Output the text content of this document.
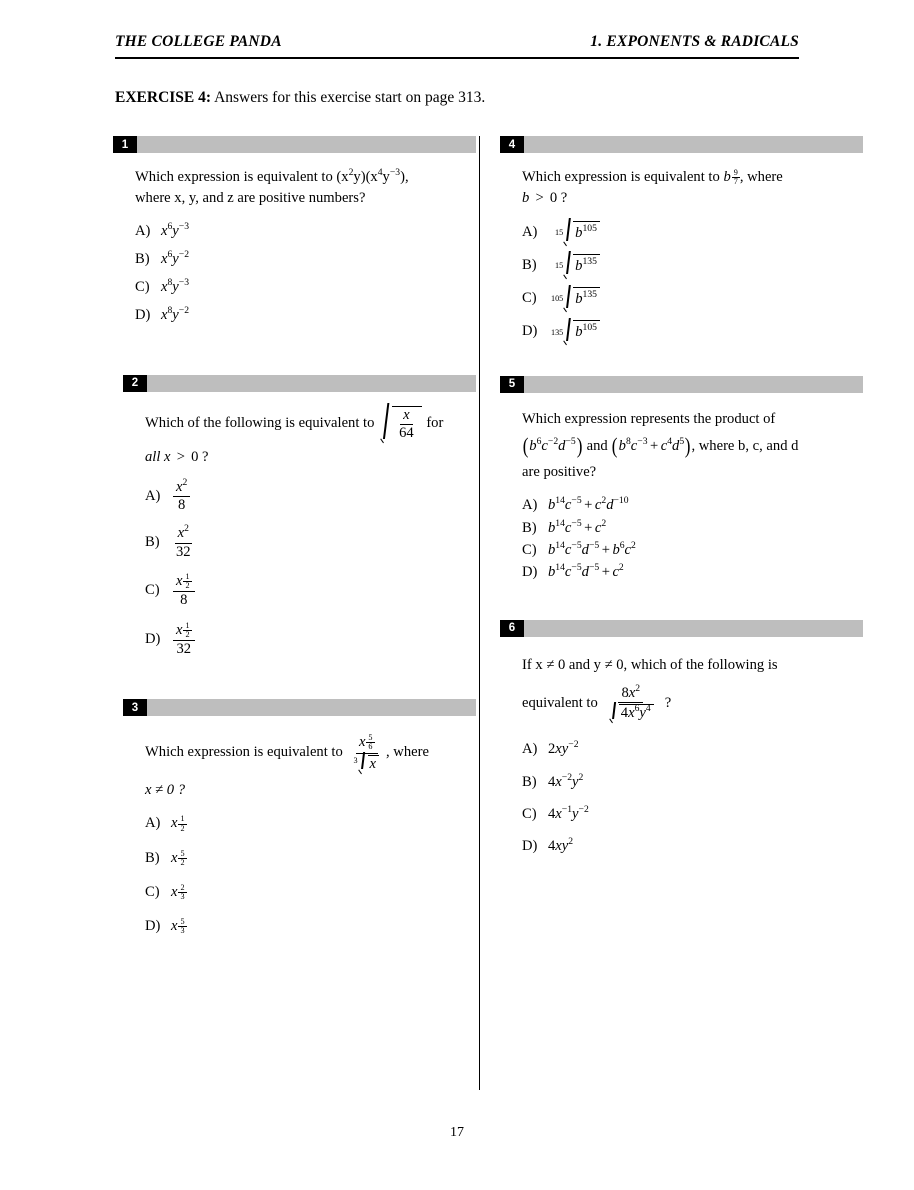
THE COLLEGE PANDA	1. EXPONENTS & RADICALS
EXERCISE 4: Answers for this exercise start on page 313.
1
Which expression is equivalent to $(x^2y)(x^4y^{-3})$,
where x, y, and z are positive numbers?
A) $x^6y^{-3}$
B) $x^6y^{-2}$
C) $x^8y^{-3}$
D) $x^8y^{-2}$
2
Which of the following is equivalent to $\frac{x}{64}$ for
all x > 0 ?
$A) \frac{x^2}{8}$
$B) \frac{x^2}{32}$
$C) \frac{x \frac{1}{2}}{8}$
$D) \frac{x \frac{1}{2}}{32}$
3
Which expression is equivalent to $\frac{x \frac{5}{6}}{3 x}$ , where
x ≠ 0 ?
A) x $\frac{1}{2}$
B) x $\frac{5}{2}$
C) x $\frac{2}{3}$
D) x $\frac{5}{3}$
4
Which expression is equivalent to b $\frac{9}{7}$ , where
b > 0 ?
A)	15 $b^{105}$
B)	15 $b^{135}$
C)	105 $b^{135}$
D)	135 $b^{105}$
5
Which expression represents the product of
$(b^6c^{-2}d^{-5})$ and $(b^8c^{-3} + c^4d^5)$, where b, c, and d
are positive?
A) $b^{14}c^{-5} + c^2d^{-10}$
B) $b^{14}c^{-5} + c^2$
C) $b^{14}c^{-5}d^{-5} + b^6c^2$
D) $b^{14}c^{-5}d^{-5} + c^2$
6
If x ≠ 0 and y ≠ 0, which of the following is
equivalent to $\frac{8x^2}{4x^6y^4}$ ?
A) $2xy^{-2}$
B) $4x^{-2}y^2$
C) $4x^{-1}y^{-2}$
D) $4xy^2$
17
